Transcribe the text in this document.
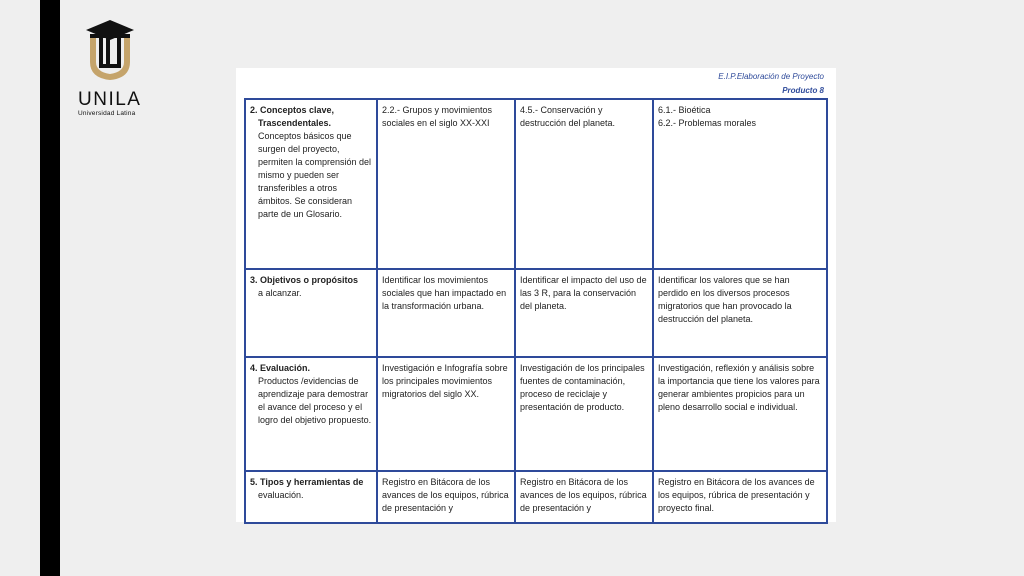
UNILA
Universidad Latina
E.I.P.Elaboración de Proyecto
Producto 8
2. Conceptos clave,
Trascendentales.
Conceptos básicos que surgen del proyecto, permiten la comprensión del mismo y pueden ser transferibles a otros ámbitos. Se consideran parte de un Glosario.	2.2.- Grupos y movimientos sociales en el siglo XX-XXI	4.5.- Conservación y destrucción del planeta.	6.1.- Bioética
6.2.- Problemas morales

3. Objetivos o propósitos
a alcanzar.	Identificar los movimientos sociales que han impactado en la transformación urbana.	Identificar el impacto del uso de las 3 R, para la conservación del planeta.	Identificar los valores que se han perdido en los diversos procesos migratorios que han provocado la destrucción del planeta.

4. Evaluación.
Productos /evidencias de aprendizaje para demostrar el avance del proceso y el logro del objetivo propuesto.	Investigación e Infografía sobre los principales movimientos migratorios del siglo XX.	Investigación de los principales fuentes de contaminación, proceso de reciclaje y presentación de producto.	Investigación, reflexión y análisis sobre la importancia que tiene los valores para generar ambientes propicios para un pleno desarrollo social e individual.

5. Tipos y herramientas de
evaluación.	Registro en Bitácora de los avances de los equipos, rúbrica de presentación y	Registro en Bitácora de los avances de los equipos, rúbrica de presentación y	Registro en Bitácora de los avances de los equipos, rúbrica de presentación y proyecto final.
